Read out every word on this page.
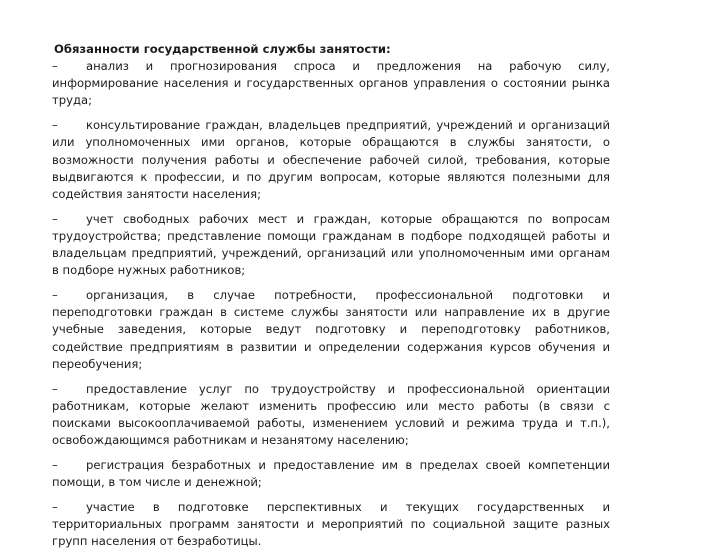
Обязанности государственной службы занятости:

– анализ и прогнозирования спроса и предложения на рабочую силу, информирование населения и государственных органов управления о состоянии рынка труда;

– консультирование граждан, владельцев предприятий, учреждений и организаций или уполномоченных ими органов, которые обращаются в службы занятости, о возможности получения работы и обеспечение рабочей силой, требования, которые выдвигаются к профессии, и по другим вопросам, которые являются полезными для содействия занятости населения;

– учет свободных рабочих мест и граждан, которые обращаются по вопросам трудоустройства; представление помощи гражданам в подборе подходящей работы и владельцам предприятий, учреждений, организаций или уполномоченным ими органам в подборе нужных работников;

– организация, в случае потребности, профессиональной подготовки и переподготовки граждан в системе службы занятости или направление их в другие учебные заведения, которые ведут подготовку и переподготовку работников, содействие предприятиям в развитии и определении содержания курсов обучения и переобучения;

– предоставление услуг по трудоустройству и профессиональной ориентации работникам, которые желают изменить профессию или место работы (в связи с поисками высокооплачиваемой работы, изменением условий и режима труда и т.п.), освобождающимся работникам и незанятому населению;

– регистрация безработных и предоставление им в пределах своей компетенции помощи, в том числе и денежной;

– участие в подготовке перспективных и текущих государственных и территориальных программ занятости и мероприятий по социальной защите разных групп населения от безработицы.
